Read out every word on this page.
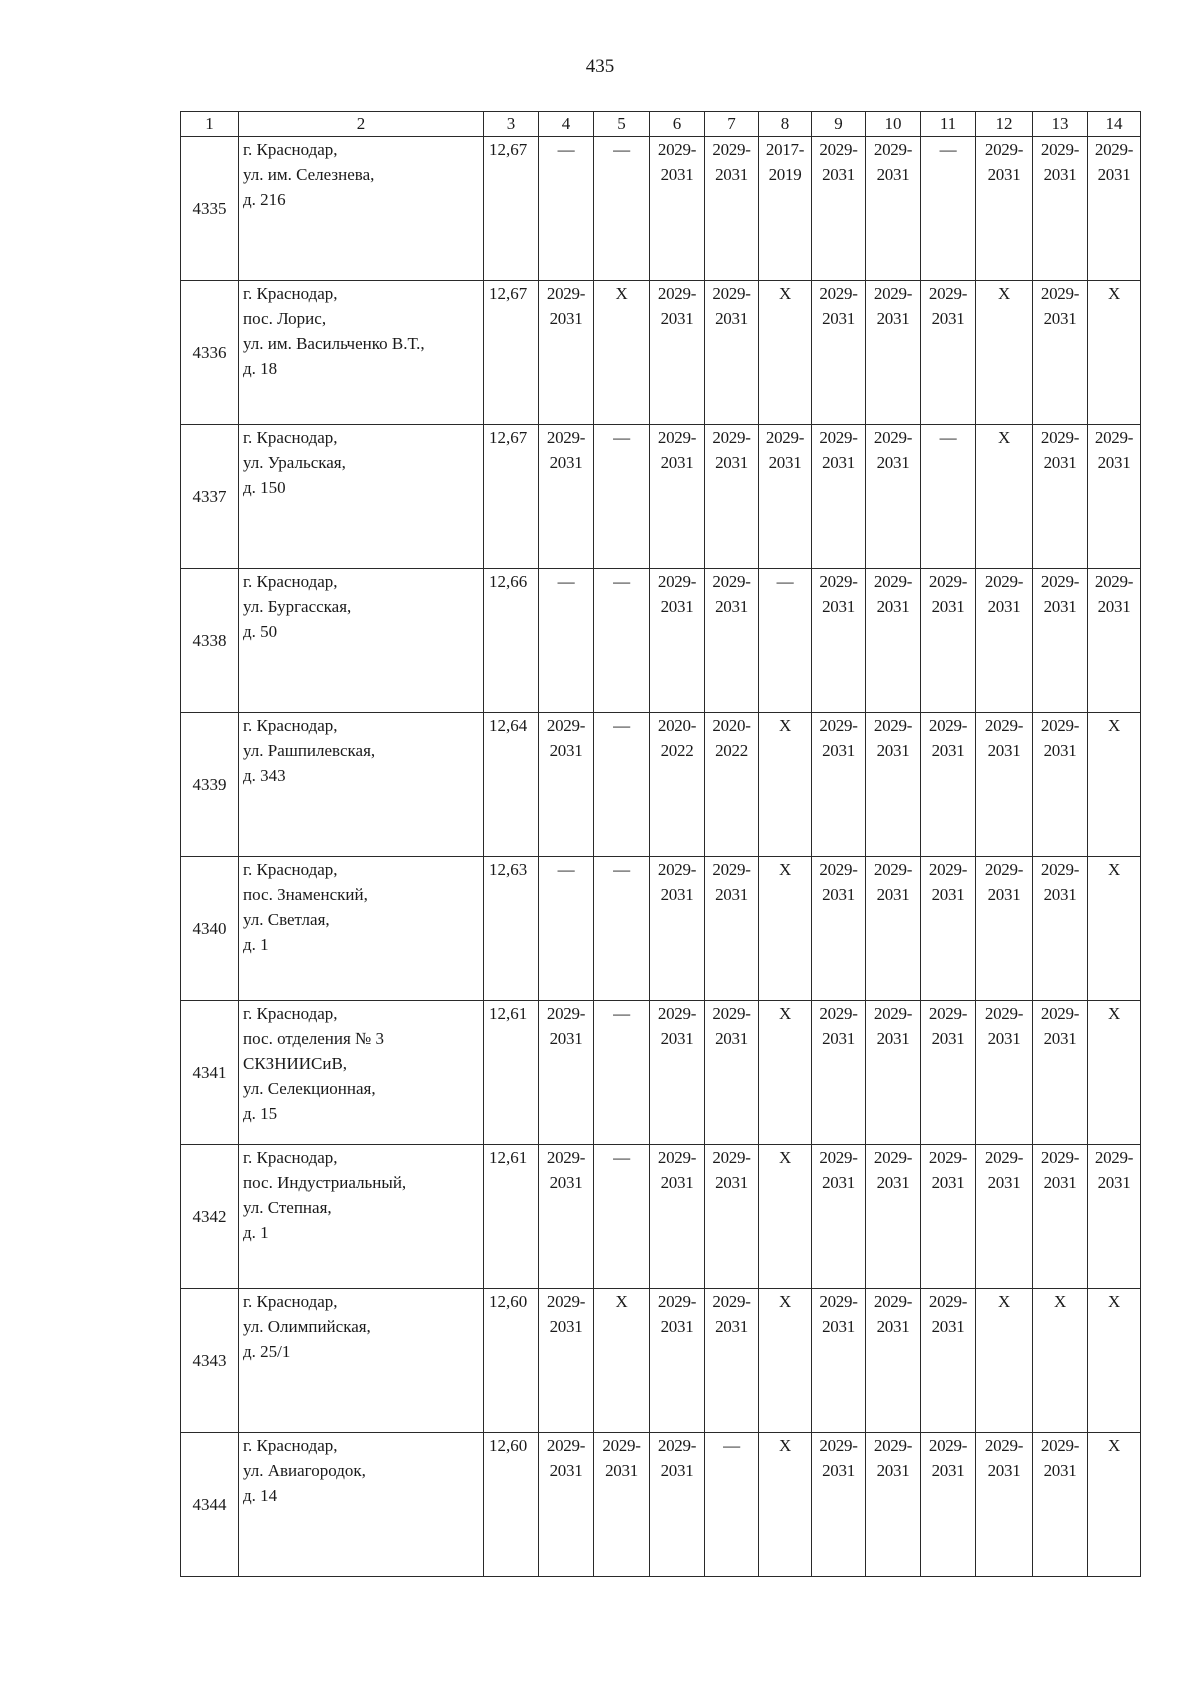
435
1	2	3	4	5	6	7	8	9	10	11	12	13	14
4335	г. Краснодар,
ул. им. Селезнева,
д. 216	12,67	—	—	2029-
2031	2029-
2031	2017-
2019	2029-
2031	2029-
2031	—	2029-
2031	2029-
2031	2029-
2031

4336	г. Краснодар,
пос. Лорис,
ул. им. Васильченко В.Т.,
д. 18	12,67	2029-
2031	X	2029-
2031	2029-
2031	X	2029-
2031	2029-
2031	2029-
2031	X	2029-
2031	X

4337	г. Краснодар,
ул. Уральская,
д. 150	12,67	2029-
2031	—	2029-
2031	2029-
2031	2029-
2031	2029-
2031	2029-
2031	—	X	2029-
2031	2029-
2031

4338	г. Краснодар,
ул. Бургасская,
д. 50	12,66	—	—	2029-
2031	2029-
2031	—	2029-
2031	2029-
2031	2029-
2031	2029-
2031	2029-
2031	2029-
2031

4339	г. Краснодар,
ул. Рашпилевская,
д. 343	12,64	2029-
2031	—	2020-
2022	2020-
2022	X	2029-
2031	2029-
2031	2029-
2031	2029-
2031	2029-
2031	X

4340	г. Краснодар,
пос. Знаменский,
ул. Светлая,
д. 1	12,63	—	—	2029-
2031	2029-
2031	X	2029-
2031	2029-
2031	2029-
2031	2029-
2031	2029-
2031	X

4341	г. Краснодар,
пос. отделения № 3
СКЗНИИСиВ,
ул. Селекционная,
д. 15	12,61	2029-
2031	—	2029-
2031	2029-
2031	X	2029-
2031	2029-
2031	2029-
2031	2029-
2031	2029-
2031	X

4342	г. Краснодар,
пос. Индустриальный,
ул. Степная,
д. 1	12,61	2029-
2031	—	2029-
2031	2029-
2031	X	2029-
2031	2029-
2031	2029-
2031	2029-
2031	2029-
2031	2029-
2031

4343	г. Краснодар,
ул. Олимпийская,
д. 25/1	12,60	2029-
2031	X	2029-
2031	2029-
2031	X	2029-
2031	2029-
2031	2029-
2031	X	X	X

4344	г. Краснодар,
ул. Авиагородок,
д. 14	12,60	2029-
2031	2029-
2031	2029-
2031	—	X	2029-
2031	2029-
2031	2029-
2031	2029-
2031	2029-
2031	X
